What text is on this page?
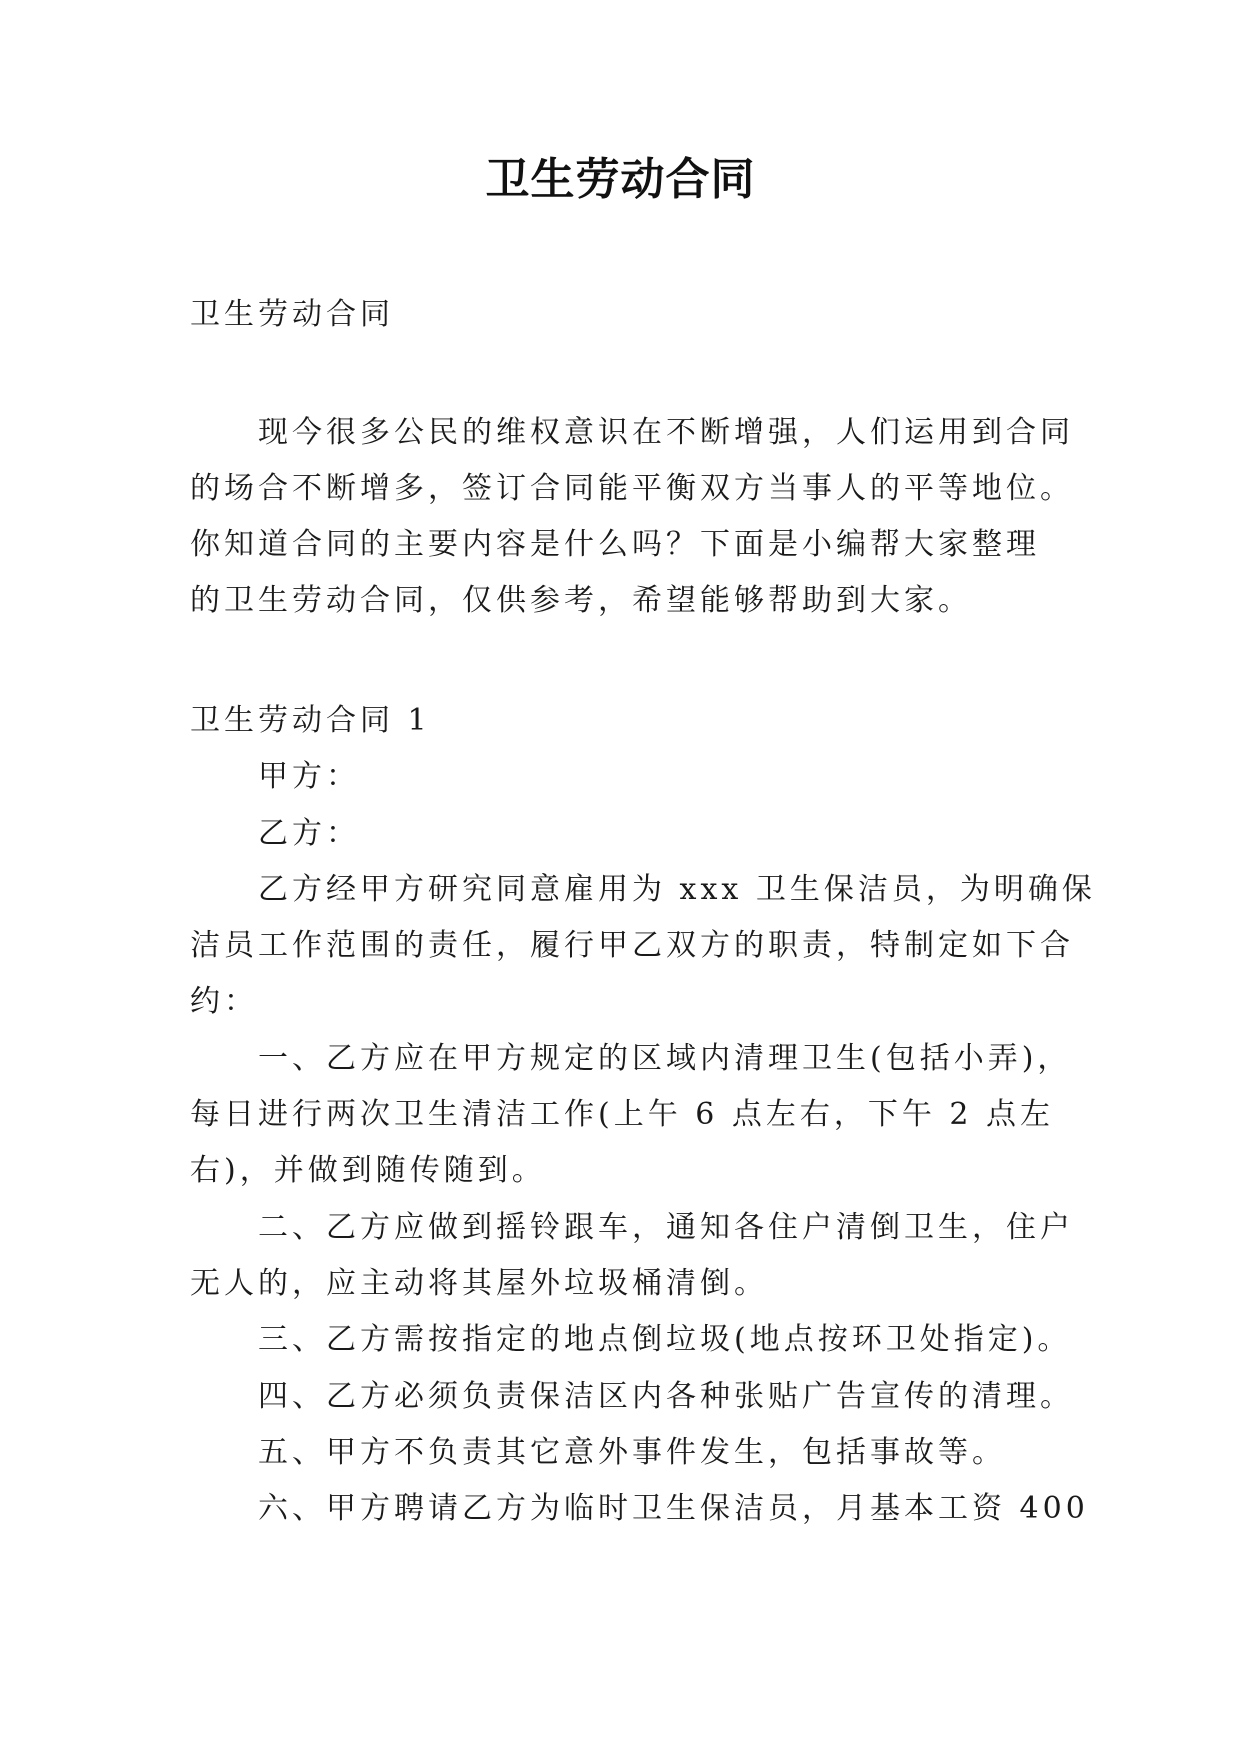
卫生劳动合同
卫生劳动合同
现今很多公民的维权意识在不断增强，人们运用到合同
的场合不断增多，签订合同能平衡双方当事人的平等地位。
你知道合同的主要内容是什么吗？下面是小编帮大家整理
的卫生劳动合同，仅供参考，希望能够帮助到大家。
卫生劳动合同 1
甲方：
乙方：
乙方经甲方研究同意雇用为 xxx 卫生保洁员，为明确保
洁员工作范围的责任，履行甲乙双方的职责，特制定如下合
约：
一、乙方应在甲方规定的区域内清理卫生(包括小弄)，
每日进行两次卫生清洁工作(上午 6 点左右，下午 2 点左
右)，并做到随传随到。
二、乙方应做到摇铃跟车，通知各住户清倒卫生，住户
无人的，应主动将其屋外垃圾桶清倒。
三、乙方需按指定的地点倒垃圾(地点按环卫处指定)。
四、乙方必须负责保洁区内各种张贴广告宣传的清理。
五、甲方不负责其它意外事件发生，包括事故等。
六、甲方聘请乙方为临时卫生保洁员，月基本工资 400
